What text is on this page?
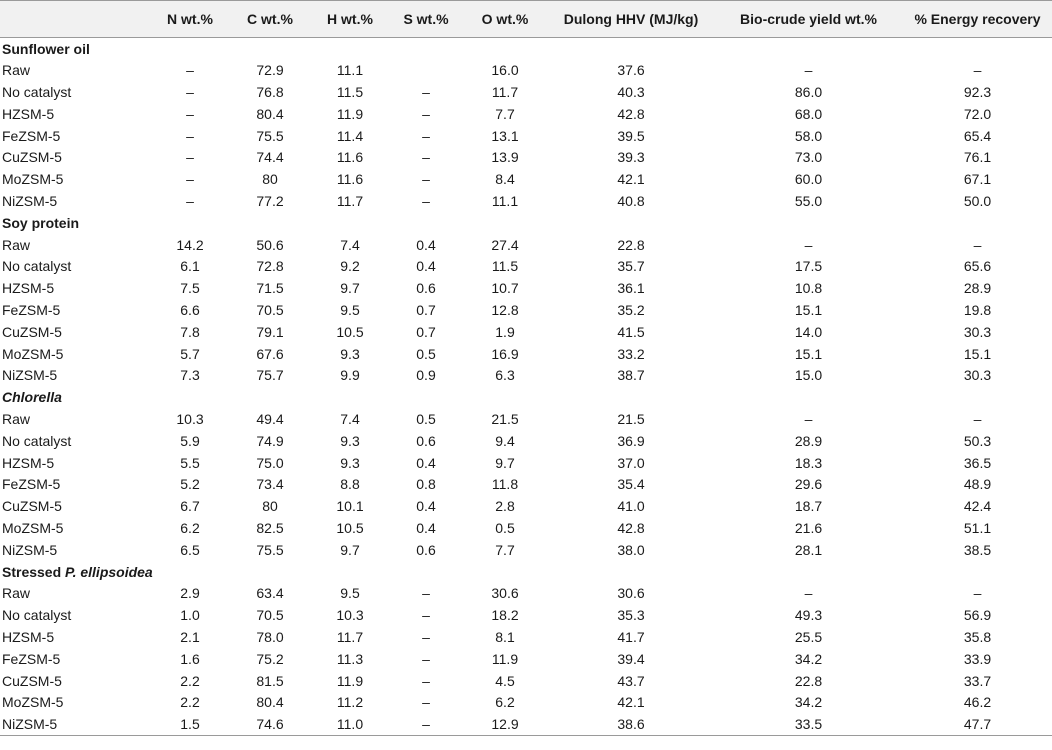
	N wt.%	C wt.%	H wt.%	S wt.%	O wt.%	Dulong HHV (MJ/kg)	Bio-crude yield wt.%	% Energy recovery
Sunflower oil								
Raw	–	72.9	11.1		16.0	37.6	–	–
No catalyst	–	76.8	11.5	–	11.7	40.3	86.0	92.3
HZSM-5	–	80.4	11.9	–	7.7	42.8	68.0	72.0
FeZSM-5	–	75.5	11.4	–	13.1	39.5	58.0	65.4
CuZSM-5	–	74.4	11.6	–	13.9	39.3	73.0	76.1
MoZSM-5	–	80	11.6	–	8.4	42.1	60.0	67.1
NiZSM-5	–	77.2	11.7	–	11.1	40.8	55.0	50.0
Soy protein								
Raw	14.2	50.6	7.4	0.4	27.4	22.8	–	–
No catalyst	6.1	72.8	9.2	0.4	11.5	35.7	17.5	65.6
HZSM-5	7.5	71.5	9.7	0.6	10.7	36.1	10.8	28.9
FeZSM-5	6.6	70.5	9.5	0.7	12.8	35.2	15.1	19.8
CuZSM-5	7.8	79.1	10.5	0.7	1.9	41.5	14.0	30.3
MoZSM-5	5.7	67.6	9.3	0.5	16.9	33.2	15.1	15.1
NiZSM-5	7.3	75.7	9.9	0.9	6.3	38.7	15.0	30.3
Chlorella								
Raw	10.3	49.4	7.4	0.5	21.5	21.5	–	–
No catalyst	5.9	74.9	9.3	0.6	9.4	36.9	28.9	50.3
HZSM-5	5.5	75.0	9.3	0.4	9.7	37.0	18.3	36.5
FeZSM-5	5.2	73.4	8.8	0.8	11.8	35.4	29.6	48.9
CuZSM-5	6.7	80	10.1	0.4	2.8	41.0	18.7	42.4
MoZSM-5	6.2	82.5	10.5	0.4	0.5	42.8	21.6	51.1
NiZSM-5	6.5	75.5	9.7	0.6	7.7	38.0	28.1	38.5
Stressed P. ellipsoidea								
Raw	2.9	63.4	9.5	–	30.6	30.6	–	–
No catalyst	1.0	70.5	10.3	–	18.2	35.3	49.3	56.9
HZSM-5	2.1	78.0	11.7	–	8.1	41.7	25.5	35.8
FeZSM-5	1.6	75.2	11.3	–	11.9	39.4	34.2	33.9
CuZSM-5	2.2	81.5	11.9	–	4.5	43.7	22.8	33.7
MoZSM-5	2.2	80.4	11.2	–	6.2	42.1	34.2	46.2
NiZSM-5	1.5	74.6	11.0	–	12.9	38.6	33.5	47.7
